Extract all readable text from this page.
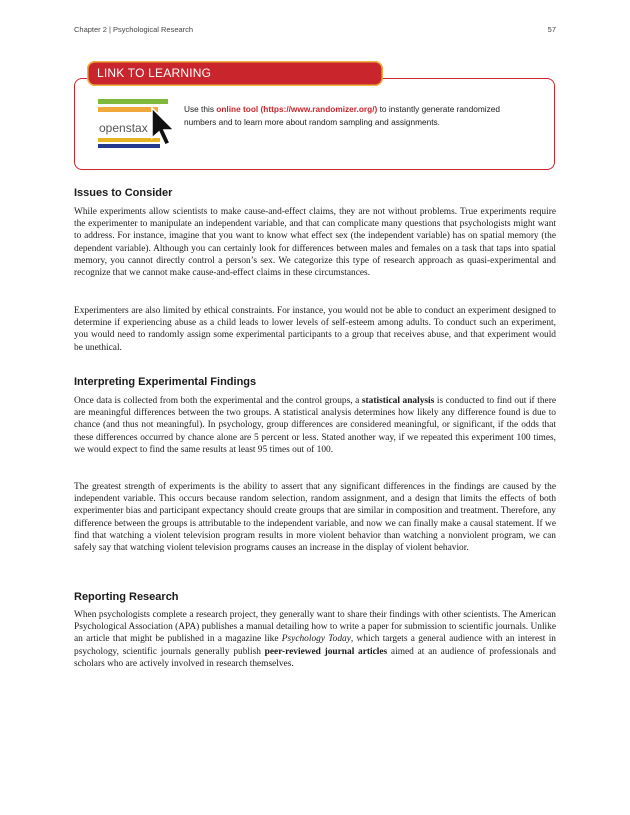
Chapter 2 | Psychological Research	57
LINK TO LEARNING
openstax
Use this online tool (https://www.randomizer.org/) to instantly generate randomized numbers and to learn more about random sampling and assignments.
Issues to Consider

While experiments allow scientists to make cause-and-effect claims, they are not without problems. True experiments require the experimenter to manipulate an independent variable, and that can complicate many questions that psychologists might want to address. For instance, imagine that you want to know what effect sex (the independent variable) has on spatial memory (the dependent variable). Although you can certainly look for differences between males and females on a task that taps into spatial memory, you cannot directly control a person’s sex. We categorize this type of research approach as quasi-experimental and recognize that we cannot make cause-and-effect claims in these circumstances.

Experimenters are also limited by ethical constraints. For instance, you would not be able to conduct an experiment designed to determine if experiencing abuse as a child leads to lower levels of self-esteem among adults. To conduct such an experiment, you would need to randomly assign some experimental participants to a group that receives abuse, and that experiment would be unethical.

Interpreting Experimental Findings

Once data is collected from both the experimental and the control groups, a statistical analysis is conducted to find out if there are meaningful differences between the two groups. A statistical analysis determines how likely any difference found is due to chance (and thus not meaningful). In psychology, group differences are considered meaningful, or significant, if the odds that these differences occurred by chance alone are 5 percent or less. Stated another way, if we repeated this experiment 100 times, we would expect to find the same results at least 95 times out of 100.

The greatest strength of experiments is the ability to assert that any significant differences in the findings are caused by the independent variable. This occurs because random selection, random assignment, and a design that limits the effects of both experimenter bias and participant expectancy should create groups that are similar in composition and treatment. Therefore, any difference between the groups is attributable to the independent variable, and now we can finally make a causal statement. If we find that watching a violent television program results in more violent behavior than watching a nonviolent program, we can safely say that watching violent television programs causes an increase in the display of violent behavior.

Reporting Research

When psychologists complete a research project, they generally want to share their findings with other scientists. The American Psychological Association (APA) publishes a manual detailing how to write a paper for submission to scientific journals. Unlike an article that might be published in a magazine like Psychology Today, which targets a general audience with an interest in psychology, scientific journals generally publish peer-reviewed journal articles aimed at an audience of professionals and scholars who are actively involved in research themselves.
